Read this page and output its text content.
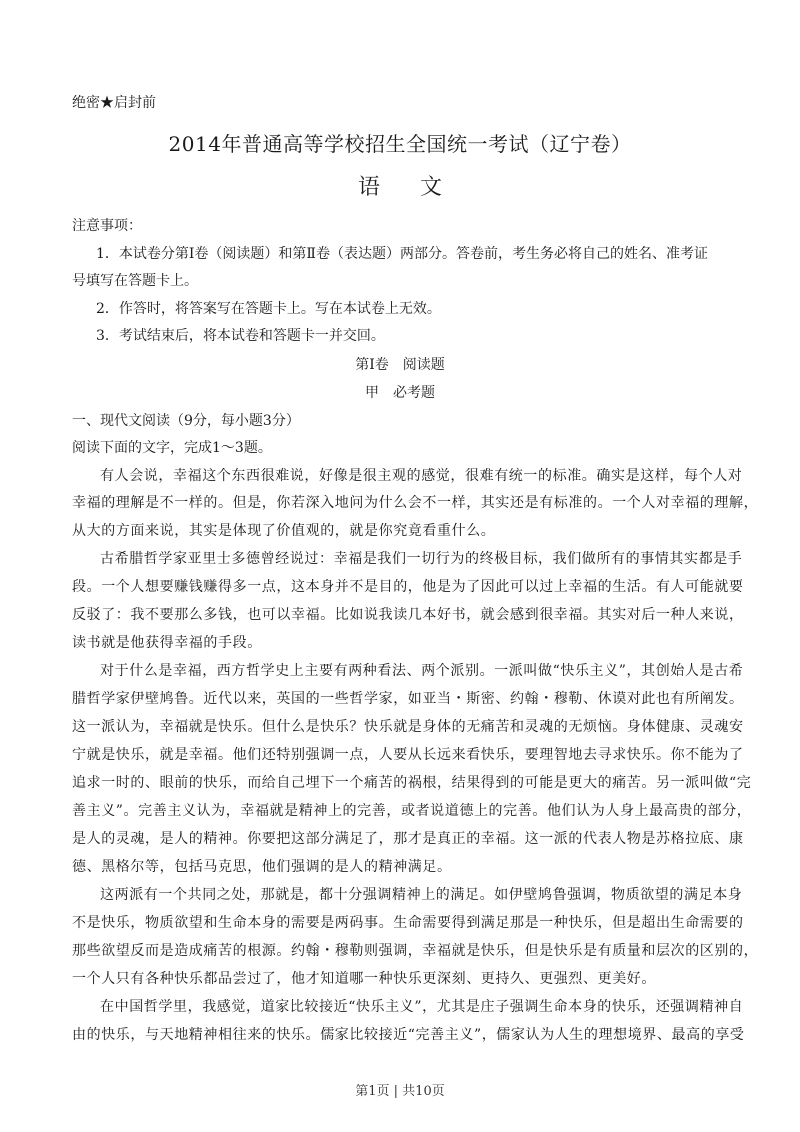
绝密★启封前
2014年普通高等学校招生全国统一考试（辽宁卷）
语文
注意事项：
1．本试卷分第Ⅰ卷（阅读题）和第Ⅱ卷（表达题）两部分。答卷前，考生务必将自己的姓名、准考证
号填写在答题卡上。
2．作答时，将答案写在答题卡上。写在本试卷上无效。
3．考试结束后，将本试卷和答题卡一并交回。
第Ⅰ卷　阅读题
甲　必考题
一、现代文阅读（9分，每小题3分）
阅读下面的文字，完成1～3题。
有人会说，幸福这个东西很难说，好像是很主观的感觉，很难有统一的标准。确实是这样，每个人对
幸福的理解是不一样的。但是，你若深入地问为什么会不一样，其实还是有标准的。一个人对幸福的理解，
从大的方面来说，其实是体现了价值观的，就是你究竟看重什么。
古希腊哲学家亚里士多德曾经说过：幸福是我们一切行为的终极目标，我们做所有的事情其实都是手
段。一个人想要赚钱赚得多一点，这本身并不是目的，他是为了因此可以过上幸福的生活。有人可能就要
反驳了：我不要那么多钱，也可以幸福。比如说我读几本好书，就会感到很幸福。其实对后一种人来说，
读书就是他获得幸福的手段。
对于什么是幸福，西方哲学史上主要有两种看法、两个派别。一派叫做“快乐主义”，其创始人是古希
腊哲学家伊壁鸠鲁。近代以来，英国的一些哲学家，如亚当・斯密、约翰・穆勒、休谟对此也有所阐发。
这一派认为，幸福就是快乐。但什么是快乐？快乐就是身体的无痛苦和灵魂的无烦恼。身体健康、灵魂安
宁就是快乐，就是幸福。他们还特别强调一点，人要从长远来看快乐，要理智地去寻求快乐。你不能为了
追求一时的、眼前的快乐，而给自己埋下一个痛苦的祸根，结果得到的可能是更大的痛苦。另一派叫做“完
善主义”。完善主义认为，幸福就是精神上的完善，或者说道德上的完善。他们认为人身上最高贵的部分，
是人的灵魂，是人的精神。你要把这部分满足了，那才是真正的幸福。这一派的代表人物是苏格拉底、康
德、黑格尔等，包括马克思，他们强调的是人的精神满足。
这两派有一个共同之处，那就是，都十分强调精神上的满足。如伊壁鸠鲁强调，物质欲望的满足本身
不是快乐，物质欲望和生命本身的需要是两码事。生命需要得到满足那是一种快乐，但是超出生命需要的
那些欲望反而是造成痛苦的根源。约翰・穆勒则强调，幸福就是快乐，但是快乐是有质量和层次的区别的，
一个人只有各种快乐都品尝过了，他才知道哪一种快乐更深刻、更持久、更强烈、更美好。
在中国哲学里，我感觉，道家比较接近“快乐主义”，尤其是庄子强调生命本身的快乐，还强调精神自
由的快乐，与天地精神相往来的快乐。儒家比较接近“完善主义”，儒家认为人生的理想境界、最高的享受
第1页 | 共10页
